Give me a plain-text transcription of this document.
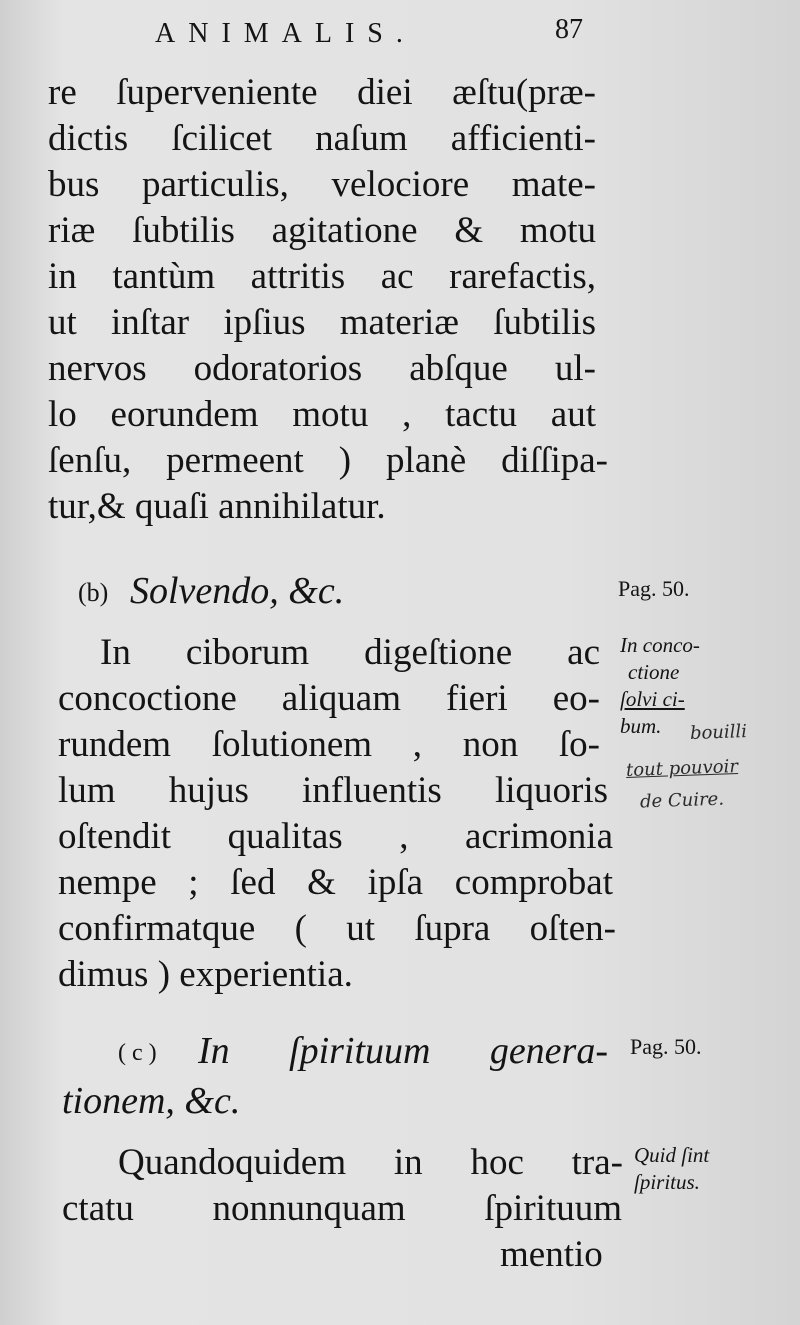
ANIMALIS.	87
re ſuperveniente diei æſtu(præ-
dictis ſcilicet naſum afficienti-
bus particulis, velociore mate-
riæ ſubtilis agitatione & motu
in tantùm attritis ac rarefactis,
ut inſtar ipſius materiæ ſubtilis
nervos odoratorios abſque ul-
lo eorundem motu , tactu aut
ſenſu, permeent ) planè diſſipa-
tur,& quaſi annihilatur.
(b) Solvendo, &c.	Pag. 50.
In ciborum digeſtione ac
concoctione aliquam fieri eo-
rundem ſolutionem , non ſo-
lum hujus influentis liquoris
oſtendit qualitas , acrimonia
nempe ; ſed & ipſa comprobat
confirmatque ( ut ſupra oſten-
dimus ) experientia.
In conco-
ctione
ſolvi ci-
bum. bouilli
tout pouvoir
de Cuire.
( c ) In ſpirituum genera-
tionem, &c.
Pag. 50.
Quandoquidem in hoc tra-
ctatu nonnunquam ſpirituum
mentio
Quid ſint
ſpiritus.
